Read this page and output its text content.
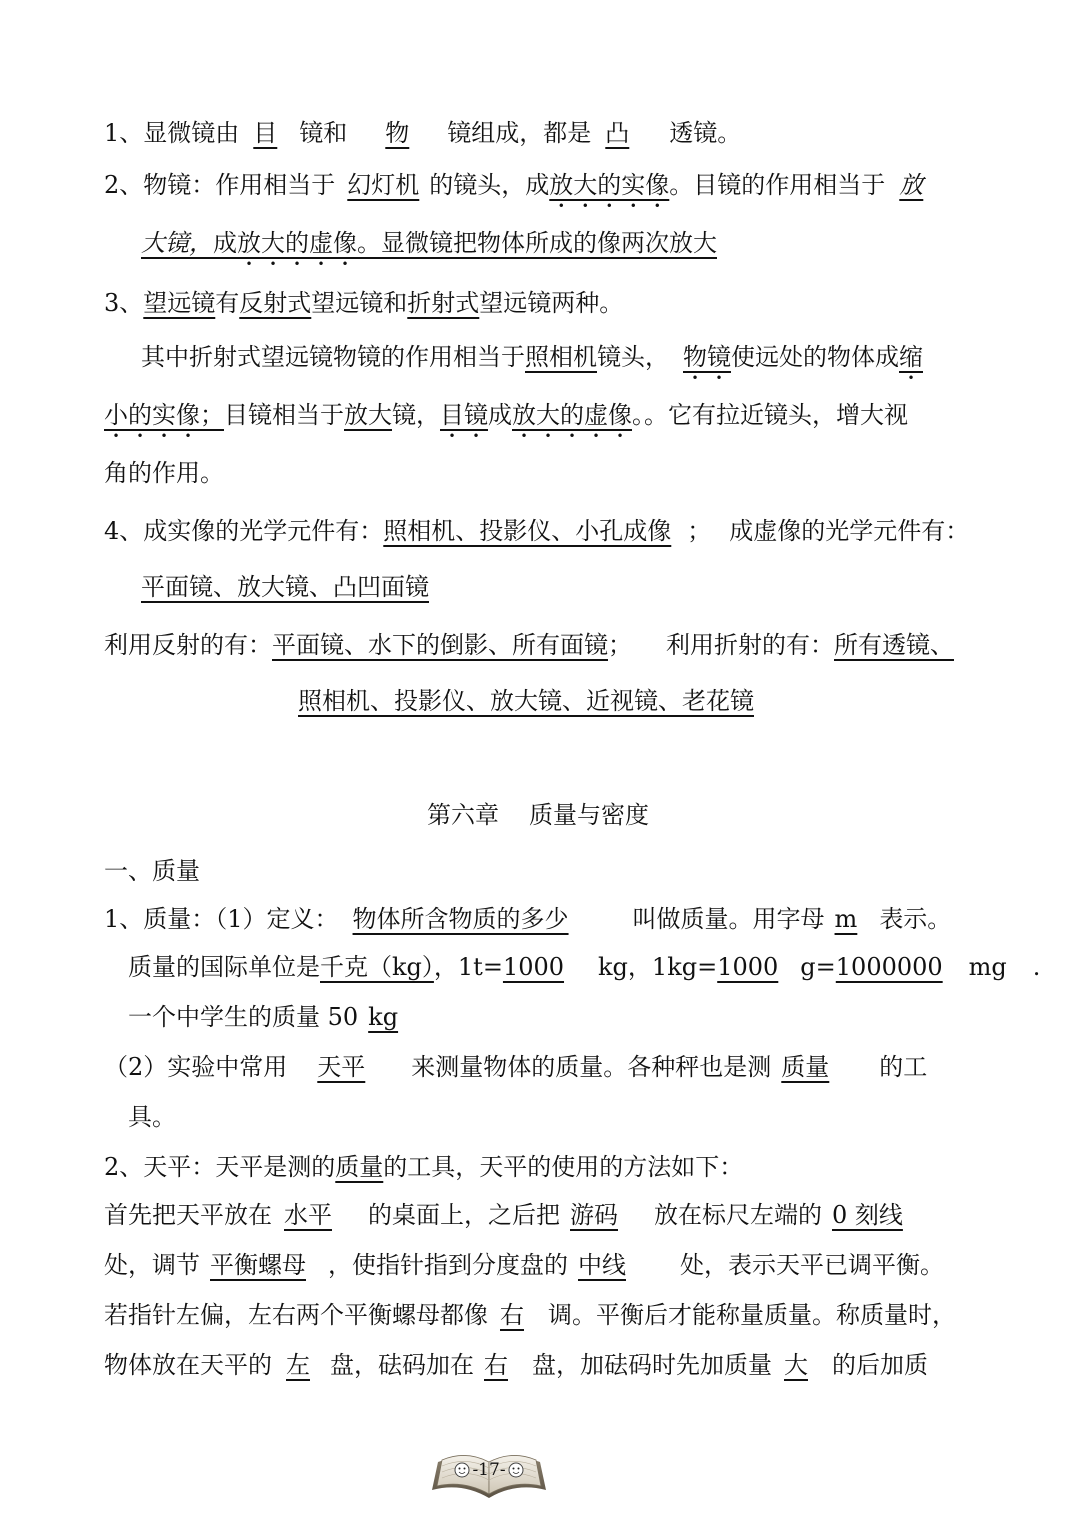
1、显微镜由 目 镜和 物 镜组成，都是 凸 透镜。
2、物镜：作用相当于 幻灯机 的镜头，成放大的实像。目镜的作用相当于 放
大镜，成放大的虚像。显微镜把物体所成的像两次放大
3、望远镜有反射式望远镜和折射式望远镜两种。
其中折射式望远镜物镜的作用相当于照相机镜头， 物镜使远处的物体成缩
小的实像；目镜相当于放大镜，目镜成放大的虚像。。它有拉近镜头，增大视
角的作用。
4、成实像的光学元件有：照相机、投影仪、小孔成像 ； 成虚像的光学元件有：
平面镜、放大镜、凸凹面镜
利用反射的有：平面镜、水下的倒影、所有面镜； 利用折射的有：所有透镜、
照相机、投影仪、放大镜、近视镜、老花镜
第六章 质量与密度
一、质量
1、质量：（1）定义： 物体所含物质的多少	叫做质量。用字母 m 表示。
质量的国际单位是千克（kg），1t=1000 kg，1kg=1000 g=1000000 mg .
一个中学生的质量 50 kg
（2）实验中常用 天平 来测量物体的质量。各种秤也是测 质量 的工
具。
2、天平：天平是测的质量的工具，天平的使用的方法如下：
首先把天平放在 水平 的桌面上，之后把 游码 放在标尺左端的 0 刻线
处，调节 平衡螺母 ，使指针指到分度盘的 中线 处，表示天平已调平衡。
若指针左偏，左右两个平衡螺母都像 右 调。平衡后才能称量质量。称质量时，
物体放在天平的 左 盘，砝码加在 右 盘，加砝码时先加质量 大 的后加质
-17-
